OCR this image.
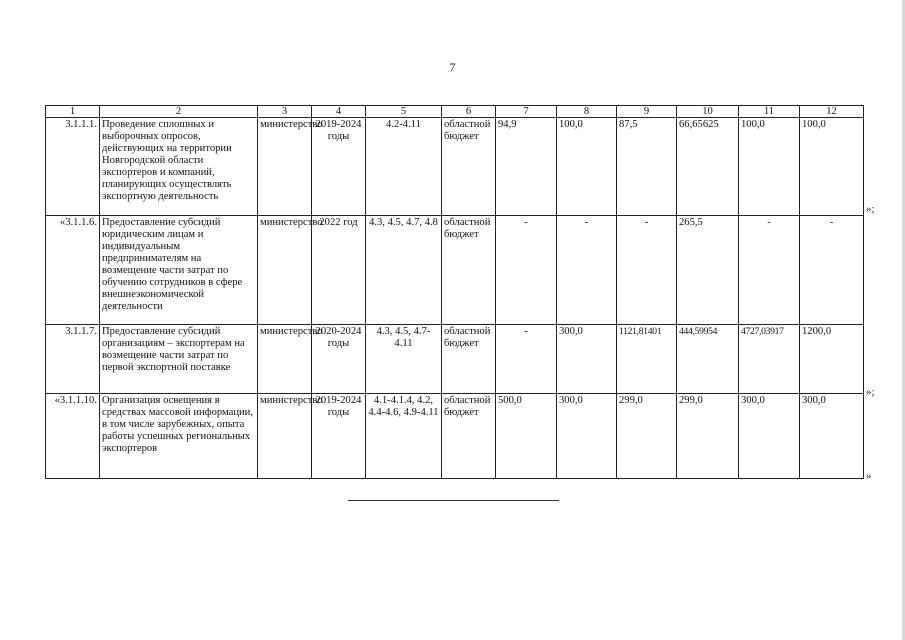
7
1	2	3	4	5	6	7	8	9	10	11	12
3.1.1.1.	Проведение сплошных и выборочных опросов, действующих на территории Новгородской области экспортеров и компаний, планирующих осуществлять экспортную деятельность	министерство	2019-2024 годы	4.2-4.11	областной бюджет	94,9	100,0	87,5	66,65625	100,0	100,0
«3.1.1.6.	Предоставление субсидий юридическим лицам и индивидуальным предпринимателям на возмещение части затрат по обучению сотрудников в сфере внешнеэкономической деятельности	министерство	2022 год	4.3, 4.5, 4.7, 4.8	областной бюджет	-	-	-	265,5	-	-
3.1.1.7.	Предоставление субсидий организациям – экспортерам на возмещение части затрат по первой экспортной поставке	министерство	2020-2024 годы	4.3, 4.5, 4.7-4.11	областной бюджет	-	300,0	1121,81401	444,59954	4727,03917	1200,0
«3.1.1.10.	Организация освещения в средствах массовой информации, в том числе зарубежных, опыта работы успешных региональных экспортеров	министерство	2019-2024 годы	4.1-4.1.4, 4.2, 4.4-4.6, 4.9-4.11	областной бюджет	500,0	300,0	299,0	299,0	300,0	300,0
»;
»;
»
